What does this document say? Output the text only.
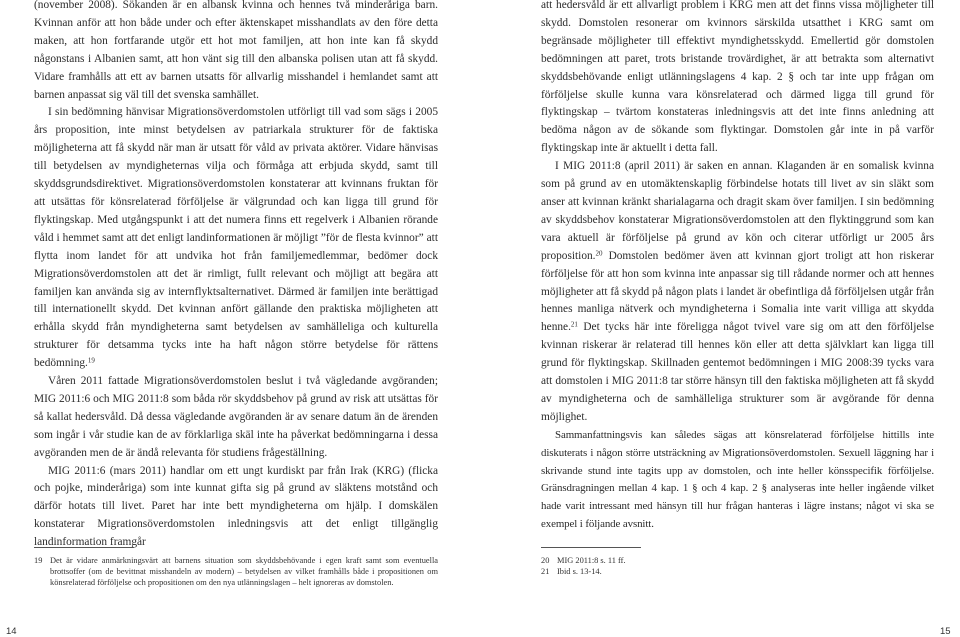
(november 2008). Sökanden är en albansk kvinna och hennes två minderåriga barn. Kvinnan anför att hon både under och efter äktenskapet misshandlats av den före detta maken, att hon fortfarande utgör ett hot mot familjen, att hon inte kan få skydd någonstans i Albanien samt, att hon vänt sig till den albanska polisen utan att få skydd. Vidare framhålls att ett av barnen utsatts för allvarlig misshandel i hemlandet samt att barnen anpassat sig väl till det svenska samhället.

I sin bedömning hänvisar Migrationsöverdomstolen utförligt till vad som sägs i 2005 års proposition, inte minst betydelsen av patriarkala strukturer för de faktiska möjligheterna att få skydd när man är utsatt för våld av privata aktörer. Vidare hänvisas till betydelsen av myndigheternas vilja och förmåga att erbjuda skydd, samt till skyddsgrundsdirektivet. Migrationsöverdomstolen konstaterar att kvinnans fruktan för att utsättas för könsrelaterad förföljelse är välgrundad och kan ligga till grund för flyktingskap. Med utgångspunkt i att det numera finns ett regelverk i Albanien rörande våld i hemmet samt att det enligt landinformationen är möjligt ”för de flesta kvinnor” att flytta inom landet för att undvika hot från familjemedlemmar, bedömer dock Migrationsöverdomstolen att det är rimligt, fullt relevant och möjligt att begära att familjen kan använda sig av internflyktsalternativet. Därmed är familjen inte berättigad till internationellt skydd. Det kvinnan anfört gällande den praktiska möjligheten att erhålla skydd från myndigheterna samt betydelsen av samhälleliga och kulturella strukturer för detsamma tycks inte ha haft någon större betydelse för rättens bedömning.$^{19}$

Våren 2011 fattade Migrationsöverdomstolen beslut i två vägledande avgöranden; MIG 2011:6 och MIG 2011:8 som båda rör skyddsbehov på grund av risk att utsättas för så kallat hedersvåld. Då dessa vägledande avgöranden är av senare datum än de ärenden som ingår i vår studie kan de av förklarliga skäl inte ha påverkat bedömningarna i dessa avgöranden men de är ändå relevanta för studiens frågeställning.

MIG 2011:6 (mars 2011) handlar om ett ungt kurdiskt par från Irak (KRG) (flicka och pojke, minderåriga) som inte kunnat gifta sig på grund av släktens motstånd och därför hotats till livet. Paret har inte bett myndigheterna om hjälp. I domskälen konstaterar Migrationsöverdomstolen inledningsvis att det enligt tillgänglig landinformation framgår

att hedersvåld är ett allvarligt problem i KRG men att det finns vissa möjligheter till skydd. Domstolen resonerar om kvinnors särskilda utsatthet i KRG samt om begränsade möjligheter till effektivt myndighetsskydd. Emellertid gör domstolen bedömningen att paret, trots bristande trovärdighet, är att betrakta som alternativt skyddsbehövande enligt utlänningslagens 4 kap. 2 § och tar inte upp frågan om förföljelse skulle kunna vara könsrelaterad och därmed ligga till grund för flyktingskap – tvärtom konstateras inledningsvis att det inte finns anledning att bedöma någon av de sökande som flyktingar. Domstolen går inte in på varför flyktingskap inte är aktuellt i detta fall.

I MIG 2011:8 (april 2011) är saken en annan. Klaganden är en somalisk kvinna som på grund av en utomäktenskaplig förbindelse hotats till livet av sin släkt som anser att kvinnan kränkt sharialagarna och dragit skam över familjen. I sin bedömning av skyddsbehov konstaterar Migrationsöverdomstolen att den flyktinggrund som kan vara aktuell är förföljelse på grund av kön och citerar utförligt ur 2005 års proposition.$^{20}$ Domstolen bedömer även att kvinnan gjort troligt att hon riskerar förföljelse för att hon som kvinna inte anpassar sig till rådande normer och att hennes möjligheter att få skydd på någon plats i landet är obefintliga då förföljelsen utgår från hennes manliga nätverk och myndigheterna i Somalia inte varit villiga att skydda henne.$^{21}$ Det tycks här inte föreligga något tvivel vare sig om att den förföljelse kvinnan riskerar är relaterad till hennes kön eller att detta självklart kan ligga till grund för flyktingskap. Skillnaden gentemot bedömningen i MIG 2008:39 tycks vara att domstolen i MIG 2011:8 tar större hänsyn till den faktiska möjligheten att få skydd av myndigheterna och de samhälleliga strukturer som är avgörande för denna möjlighet.

Sammanfattningsvis kan således sägas att könsrelaterad förföljelse hittills inte diskuterats i någon större utsträckning av Migrationsöverdomstolen. Sexuell läggning har i skrivande stund inte tagits upp av domstolen, och inte heller könsspecifik förföljelse. Gränsdragningen mellan 4 kap. 1 § och 4 kap. 2 § analyseras inte heller ingående vilket hade varit intressant med hänsyn till hur frågan hanteras i lägre instans; något vi ska se exempel i följande avsnitt.

19 Det är vidare anmärkningsvärt att barnens situation som skyddsbehövande i egen kraft samt som eventuella brottsoffer (om de bevittnat misshandeln av modern) – betydelsen av vilket framhålls både i propositionen om könsrelaterad förföljelse och propositionen om den nya utlänningslagen – helt ignoreras av domstolen.
20 MIG 2011:8 s. 11 ff.
21 Ibid s. 13-14.
14	15
